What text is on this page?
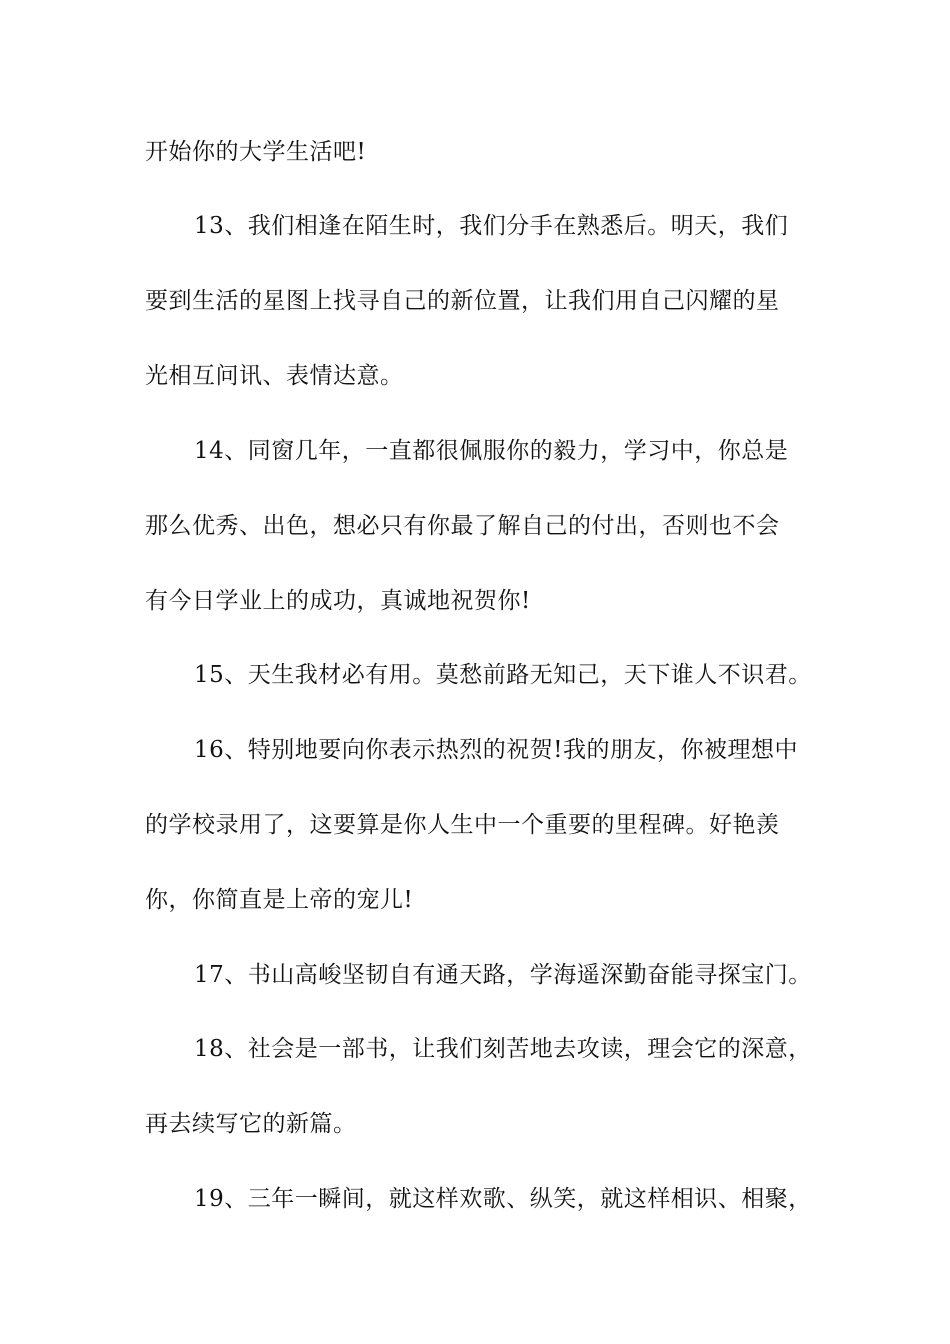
开始你的大学生活吧!
13、我们相逢在陌生时，我们分手在熟悉后。明天，我们
要到生活的星图上找寻自己的新位置，让我们用自己闪耀的星
光相互问讯、表情达意。
14、同窗几年，一直都很佩服你的毅力，学习中，你总是
那么优秀、出色，想必只有你最了解自己的付出，否则也不会
有今日学业上的成功，真诚地祝贺你!
15、天生我材必有用。莫愁前路无知己，天下谁人不识君。
16、特别地要向你表示热烈的祝贺!我的朋友，你被理想中
的学校录用了，这要算是你人生中一个重要的里程碑。好艳羡
你，你简直是上帝的宠儿!
17、书山高峻坚韧自有通天路，学海遥深勤奋能寻探宝门。
18、社会是一部书，让我们刻苦地去攻读，理会它的深意，
再去续写它的新篇。
19、三年一瞬间，就这样欢歌、纵笑，就这样相识、相聚，
